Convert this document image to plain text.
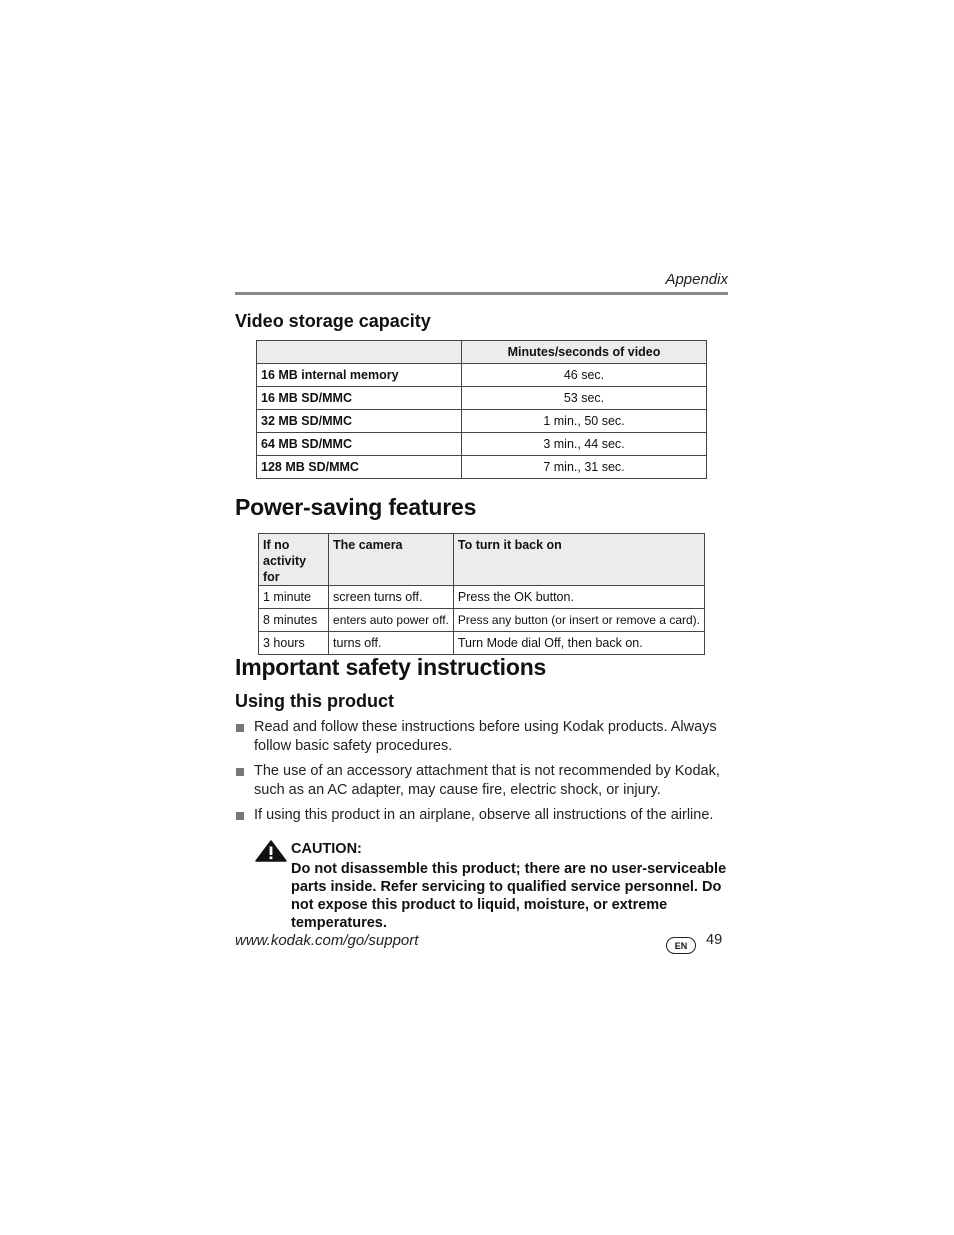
Appendix
Video storage capacity
	Minutes/seconds of video
16 MB internal memory	46 sec.
16 MB SD/MMC	53 sec.
32 MB SD/MMC	1 min., 50 sec.
64 MB SD/MMC	3 min., 44 sec.
128 MB SD/MMC	7 min., 31 sec.
Power-saving features
If no activity for	The camera	To turn it back on
1 minute	screen turns off.	Press the OK button.
8 minutes	enters auto power off.	Press any button (or insert or remove a card).
3 hours	turns off.	Turn Mode dial Off, then back on.
Important safety instructions
Using this product
Read and follow these instructions before using Kodak products. Always follow basic safety procedures.
The use of an accessory attachment that is not recommended by Kodak, such as an AC adapter, may cause fire, electric shock, or injury.
If using this product in an airplane, observe all instructions of the airline.
CAUTION:
Do not disassemble this product; there are no user-serviceable parts inside. Refer servicing to qualified service personnel. Do not expose this product to liquid, moisture, or extreme temperatures.
www.kodak.com/go/support	EN	49
